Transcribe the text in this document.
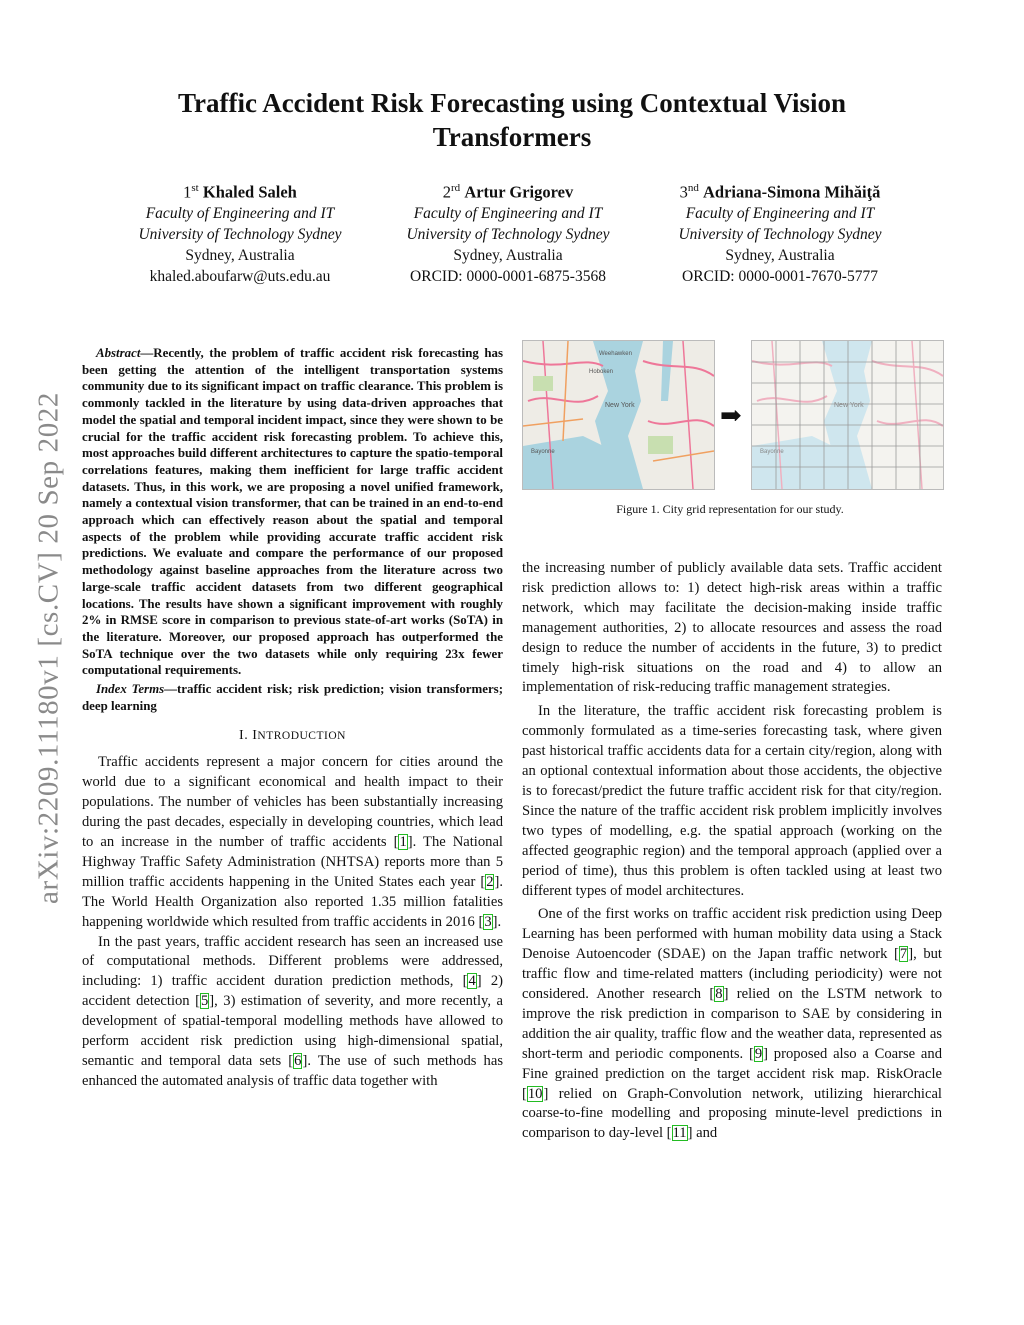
Traffic Accident Risk Forecasting using Contextual Vision Transformers
1st Khaled Saleh
Faculty of Engineering and IT
University of Technology Sydney
Sydney, Australia
khaled.aboufarw@uts.edu.au
2rd Artur Grigorev
Faculty of Engineering and IT
University of Technology Sydney
Sydney, Australia
ORCID: 0000-0001-6875-3568
3nd Adriana-Simona Mihăiţă
Faculty of Engineering and IT
University of Technology Sydney
Sydney, Australia
ORCID: 0000-0001-7670-5777
arXiv:2209.11180v1 [cs.CV] 20 Sep 2022
Abstract—Recently, the problem of traffic accident risk forecasting has been getting the attention of the intelligent transportation systems community due to its significant impact on traffic clearance. This problem is commonly tackled in the literature by using data-driven approaches that model the spatial and temporal incident impact, since they were shown to be crucial for the traffic accident risk forecasting problem. To achieve this, most approaches build different architectures to capture the spatio-temporal correlations features, making them inefficient for large traffic accident datasets. Thus, in this work, we are proposing a novel unified framework, namely a contextual vision transformer, that can be trained in an end-to-end approach which can effectively reason about the spatial and temporal aspects of the problem while providing accurate traffic accident risk predictions. We evaluate and compare the performance of our proposed methodology against baseline approaches from the literature across two large-scale traffic accident datasets from two different geographical locations. The results have shown a significant improvement with roughly 2% in RMSE score in comparison to previous state-of-art works (SoTA) in the literature. Moreover, our proposed approach has outperformed the SoTA technique over the two datasets while only requiring 23x fewer computational requirements.
Index Terms—traffic accident risk; risk prediction; vision transformers; deep learning
I. INTRODUCTION

Traffic accidents represent a major concern for cities around the world due to a significant economical and health impact to their populations. The number of vehicles has been substantially increasing during the past decades, especially in developing countries, which lead to an increase in the number of traffic accidents [1]. The National Highway Traffic Safety Administration (NHTSA) reports more than 5 million traffic accidents happening in the United States each year [2]. The World Health Organization also reported 1.35 million fatalities happening worldwide which resulted from traffic accidents in 2016 [3].

In the past years, traffic accident research has seen an increased use of computational methods. Different problems were addressed, including: 1) traffic accident duration prediction methods, [4] 2) accident detection [5], 3) estimation of severity, and more recently, a development of spatial-temporal modelling methods have allowed to perform accident risk prediction using high-dimensional spatial, semantic and temporal data sets [6]. The use of such methods has enhanced the automated analysis of traffic data together with

Weehawken
Hoboken
New York
Bayonne
➡	New York
Bayonne
Figure 1. City grid representation for our study.

the increasing number of publicly available data sets. Traffic accident risk prediction allows to: 1) detect high-risk areas within a traffic network, which may facilitate the decision-making inside traffic management authorities, 2) to allocate resources and assess the road design to reduce the number of accidents in the future, 3) to predict timely high-risk situations on the road and 4) to allow an implementation of risk-reducing traffic management strategies.

In the literature, the traffic accident risk forecasting problem is commonly formulated as a time-series forecasting task, where given past historical traffic accidents data for a certain city/region, along with an optional contextual information about those accidents, the objective is to forecast/predict the future traffic accident risk for that city/region. Since the nature of the traffic accident risk problem implicitly involves two types of modelling, e.g. the spatial approach (working on the affected geographic region) and the temporal approach (applied over a period of time), thus this problem is often tackled using at least two different types of model architectures.

One of the first works on traffic accident risk prediction using Deep Learning has been performed with human mobility data using a Stack Denoise Autoencoder (SDAE) on the Japan traffic network [7], but traffic flow and time-related matters (including periodicity) were not considered. Another research [8] relied on the LSTM network to improve the risk prediction in comparison to SAE by considering in addition the air quality, traffic flow and the weather data, represented as short-term and periodic components. [9] proposed also a Coarse and Fine grained prediction on the target accident risk map. RiskOracle [10] relied on Graph-Convolution network, utilizing hierarchical coarse-to-fine modelling and proposing minute-level predictions in comparison to day-level [11] and
